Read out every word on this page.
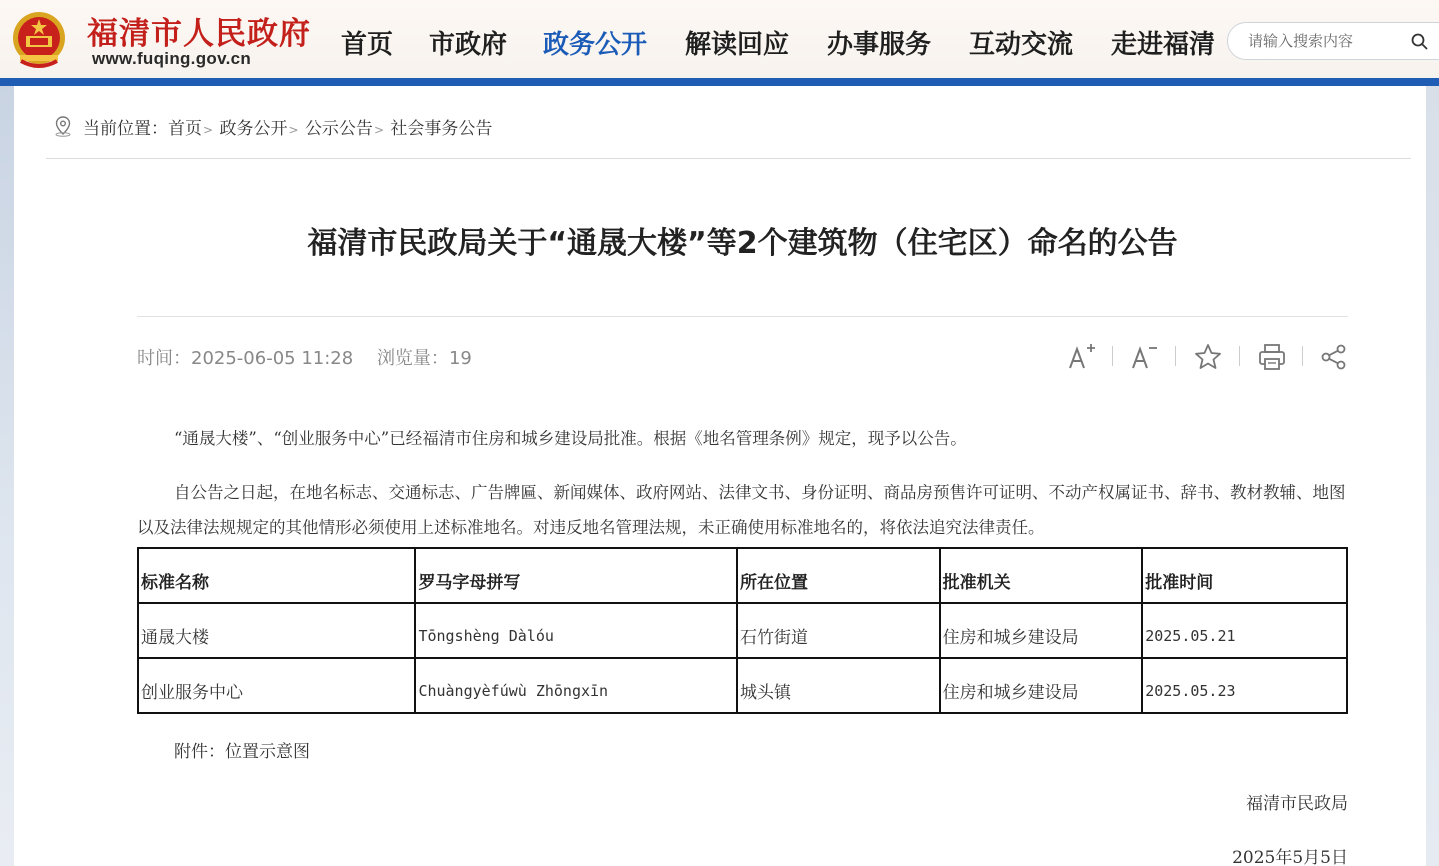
福清市人民政府
www.fuqing.gov.cn	首页 市政府 政务公开 解读回应 办事服务 互动交流 走进福清
请输入搜索内容
当前位置：首页> 政务公开> 公示公告> 社会事务公告
福清市民政局关于“通晟大楼”等2个建筑物（住宅区）命名的公告
时间：2025-06-05 11:28 浏览量：19
“通晟大楼”、“创业服务中心”已经福清市住房和城乡建设局批准。根据《地名管理条例》规定，现予以公告。
自公告之日起，在地名标志、交通标志、广告牌匾、新闻媒体、政府网站、法律文书、身份证明、商品房预售许可证明、不动产权属证书、辞书、教材教辅、地图以及法律法规规定的其他情形必须使用上述标准地名。对违反地名管理法规，未正确使用标准地名的，将依法追究法律责任。
标准名称	罗马字母拼写	所在位置	批准机关	批准时间
通晟大楼	Tōngshèng Dàlóu	石竹街道	住房和城乡建设局	2025.05.21
创业服务中心	Chuàngyèfúwù Zhōngxīn	城头镇	住房和城乡建设局	2025.05.23
附件：位置示意图
福清市民政局
2025年5月5日
